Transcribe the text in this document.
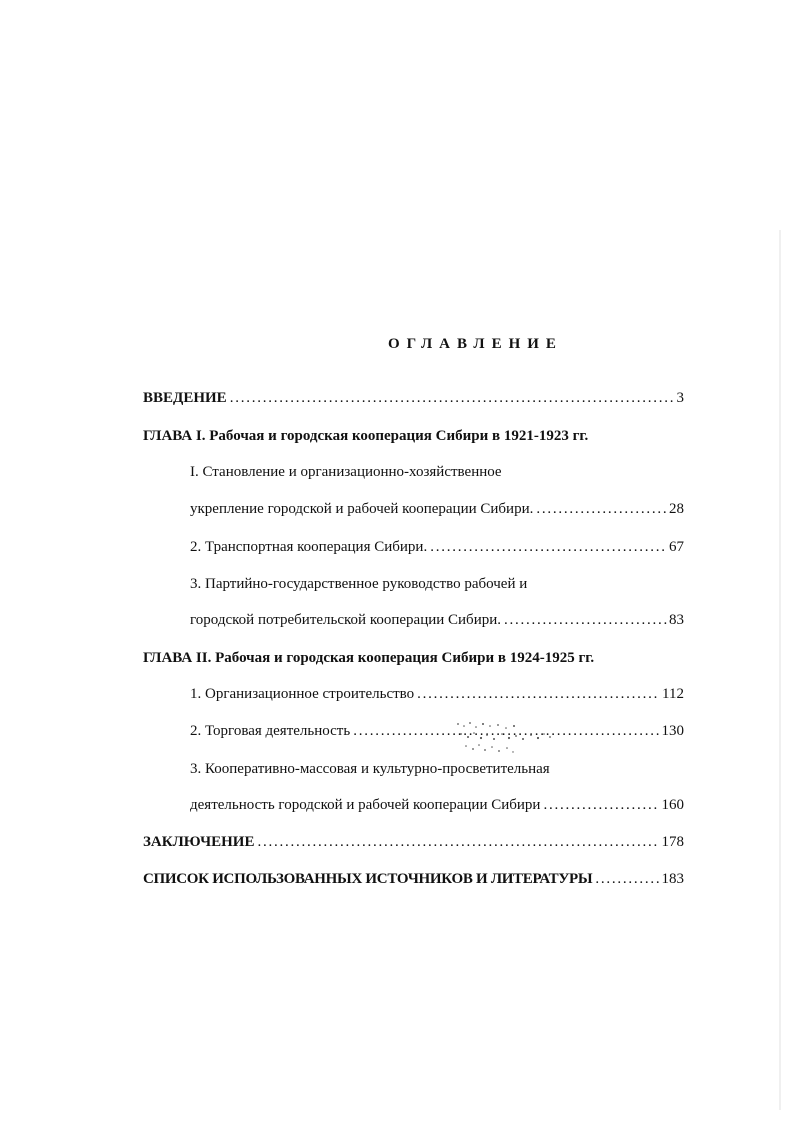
ОГЛАВЛЕНИЕ
ВВЕДЕНИЕ . . .	3
ГЛАВА I. Рабочая и городская кооперация Сибири в 1921-1923 гг.
I. Становление и организационно-хозяйственное
укрепление городской и рабочей кооперации Сибири. . . .	28
2. Транспортная кооперация Сибири. . . .	67
3. Партийно-государственное руководство рабочей и
городской потребительской кооперации Сибири. . . .	83
ГЛАВА II. Рабочая и городская кооперация Сибири в 1924-1925 гг.
1. Организационное строительство . . .	112
2. Торговая деятельность . . .	130
3. Кооперативно-массовая и культурно-просветительная
деятельность городской и рабочей кооперации Сибири . . .	160
ЗАКЛЮЧЕНИЕ . . .	178
СПИСОК ИСПОЛЬЗОВАННЫХ ИСТОЧНИКОВ И ЛИТЕРАТУРЫ . . .	183
